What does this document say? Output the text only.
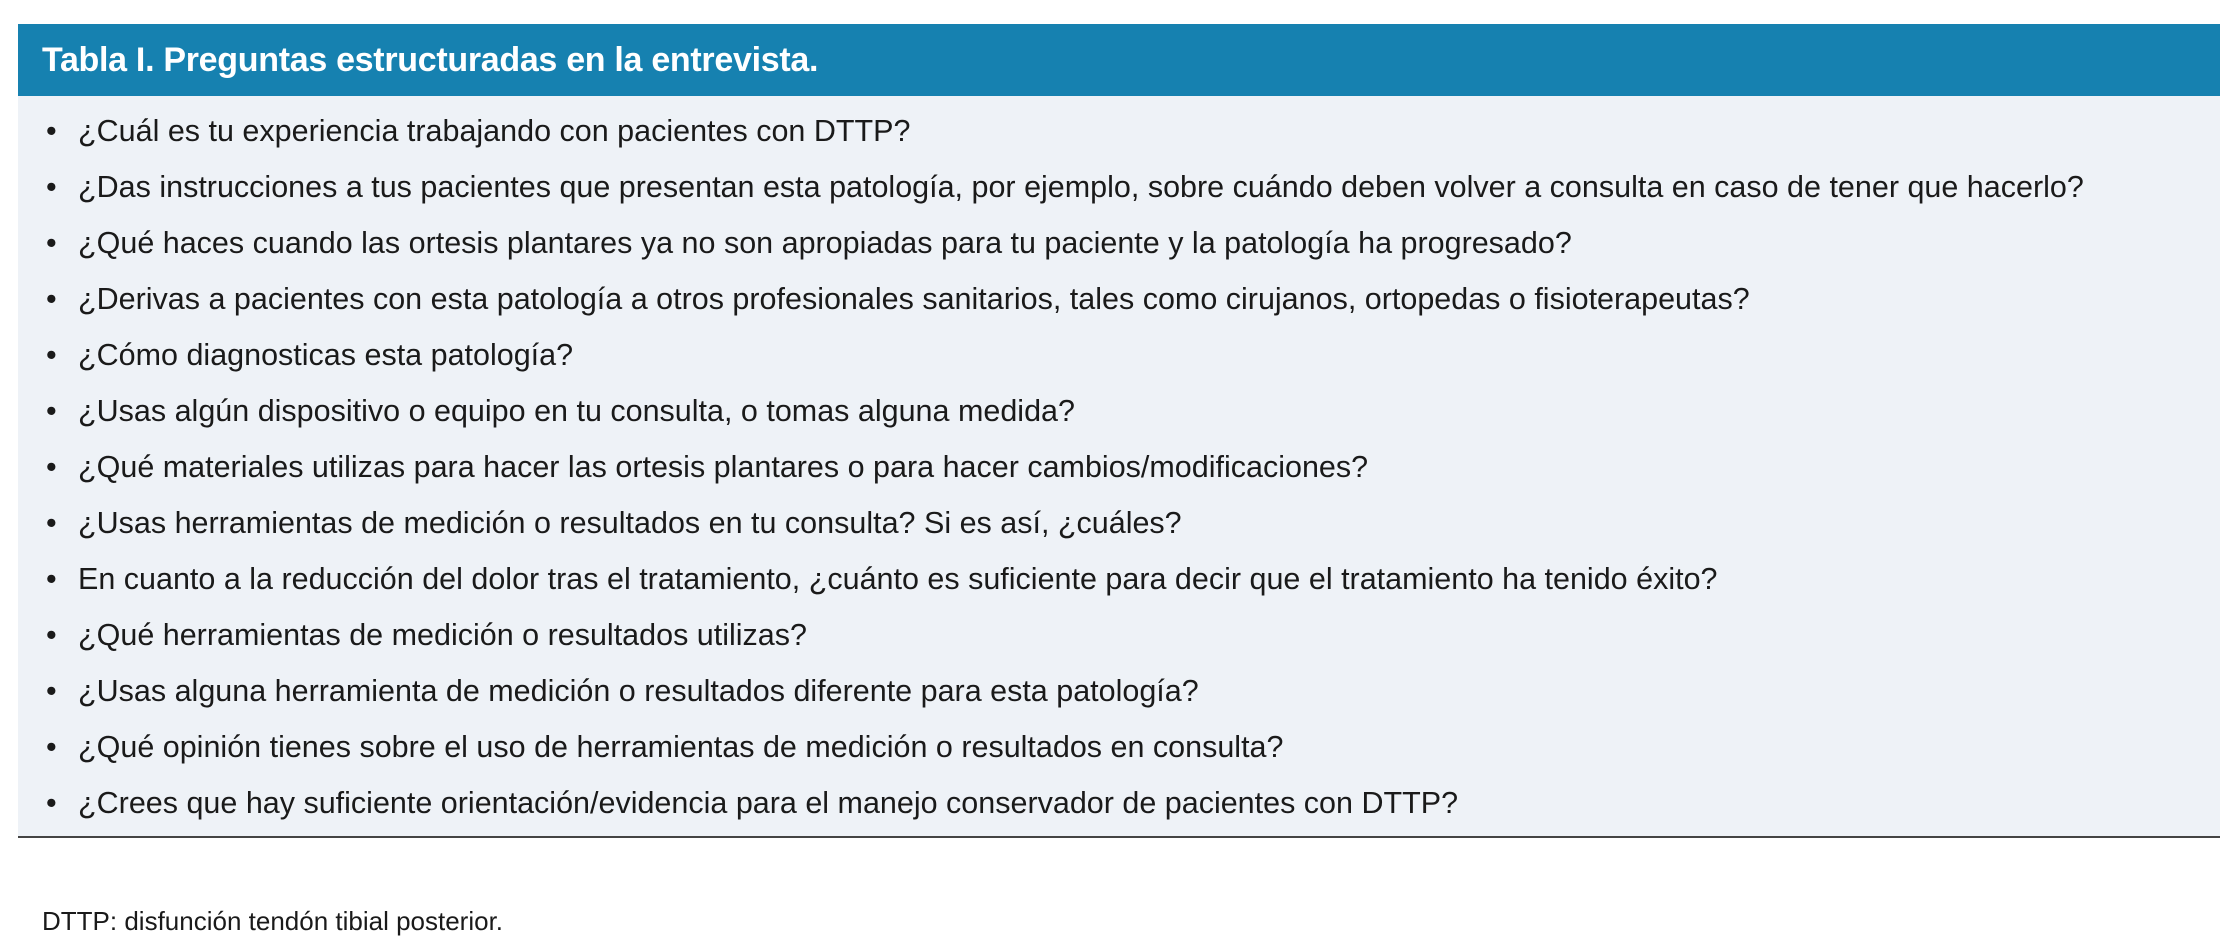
Tabla I. Preguntas estructuradas en la entrevista.
• ¿Cuál es tu experiencia trabajando con pacientes con DTTP?
• ¿Das instrucciones a tus pacientes que presentan esta patología, por ejemplo, sobre cuándo deben volver a consulta en caso de tener que hacerlo?
• ¿Qué haces cuando las ortesis plantares ya no son apropiadas para tu paciente y la patología ha progresado?
• ¿Derivas a pacientes con esta patología a otros profesionales sanitarios, tales como cirujanos, ortopedas o fisioterapeutas?
• ¿Cómo diagnosticas esta patología?
• ¿Usas algún dispositivo o equipo en tu consulta, o tomas alguna medida?
• ¿Qué materiales utilizas para hacer las ortesis plantares o para hacer cambios/modificaciones?
• ¿Usas herramientas de medición o resultados en tu consulta? Si es así, ¿cuáles?
• En cuanto a la reducción del dolor tras el tratamiento, ¿cuánto es suficiente para decir que el tratamiento ha tenido éxito?
• ¿Qué herramientas de medición o resultados utilizas?
• ¿Usas alguna herramienta de medición o resultados diferente para esta patología?
• ¿Qué opinión tienes sobre el uso de herramientas de medición o resultados en consulta?
• ¿Crees que hay suficiente orientación/evidencia para el manejo conservador de pacientes con DTTP?
DTTP: disfunción tendón tibial posterior.
